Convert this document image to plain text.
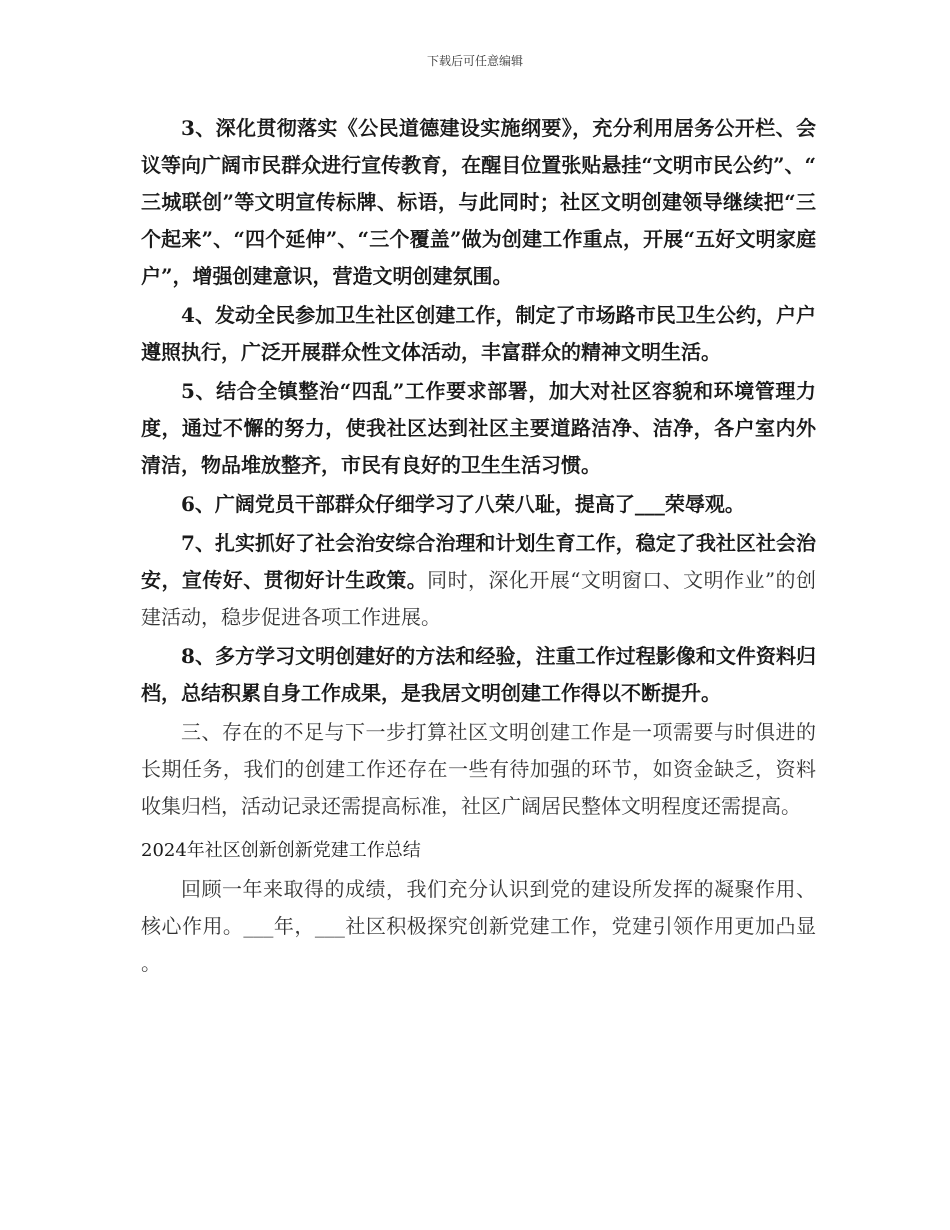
下载后可任意编辑

3、深化贯彻落实《公民道德建设实施纲要》，充分利用居务公开栏、会议等向广阔市民群众进行宣传教育，在醒目位置张贴悬挂“文明市民公约”、“三城联创”等文明宣传标牌、标语，与此同时；社区文明创建领导继续把“三个起来”、“四个延伸”、“三个覆盖”做为创建工作重点，开展“五好文明家庭户”，增强创建意识，营造文明创建氛围。

4、发动全民参加卫生社区创建工作，制定了市场路市民卫生公约，户户遵照执行，广泛开展群众性文体活动，丰富群众的精神文明生活。

5、结合全镇整治“四乱”工作要求部署，加大对社区容貌和环境管理力度，通过不懈的努力，使我社区达到社区主要道路洁净、洁净，各户室内外清洁，物品堆放整齐，市民有良好的卫生生活习惯。

6、广阔党员干部群众仔细学习了八荣八耻，提高了___荣辱观。

7、扎实抓好了社会治安综合治理和计划生育工作，稳定了我社区社会治安，宣传好、贯彻好计生政策。同时，深化开展“文明窗口、文明作业”的创建活动，稳步促进各项工作进展。

8、多方学习文明创建好的方法和经验，注重工作过程影像和文件资料归档，总结积累自身工作成果，是我居文明创建工作得以不断提升。

三、存在的不足与下一步打算社区文明创建工作是一项需要与时俱进的长期任务，我们的创建工作还存在一些有待加强的环节，如资金缺乏，资料收集归档，活动记录还需提高标准，社区广阔居民整体文明程度还需提高。

2024年社区创新创新党建工作总结

回顾一年来取得的成绩，我们充分认识到党的建设所发挥的凝聚作用、核心作用。___年，___社区积极探究创新党建工作，党建引领作用更加凸显。
